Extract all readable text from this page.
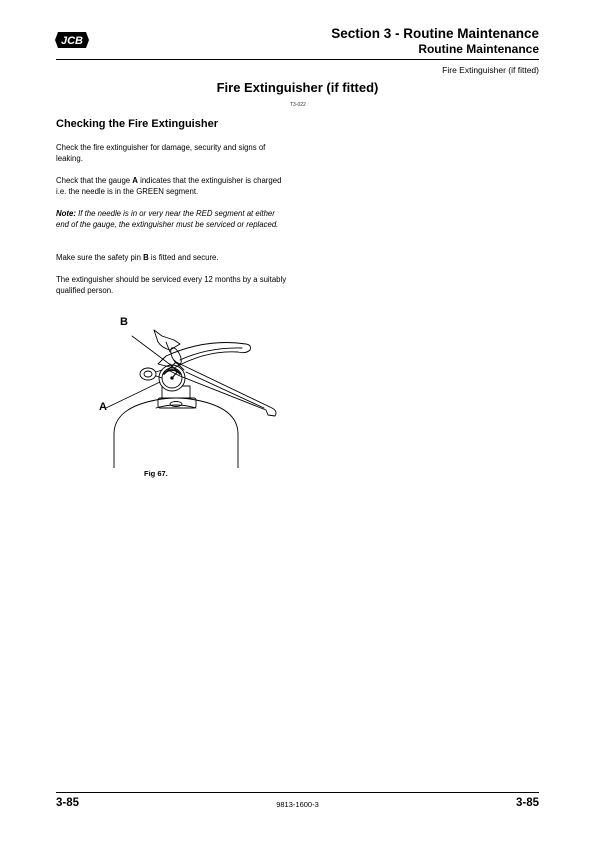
JCB	Section 3 - Routine Maintenance
Routine Maintenance
Fire Extinguisher (if fitted)
Fire Extinguisher (if fitted)
T3-022
Checking the Fire Extinguisher
Check the fire extinguisher for damage, security and signs of leaking.
Check that the gauge A indicates that the extinguisher is charged i.e. the needle is in the GREEN segment.
Note: If the needle is in or very near the RED segment at either end of the gauge, the extinguisher must be serviced or replaced.
Make sure the safety pin B is fitted and secure.
The extinguisher should be serviced every 12 months by a suitably qualified person.
B
A
Fig 67.
3-85	9813-1600-3	3-85
